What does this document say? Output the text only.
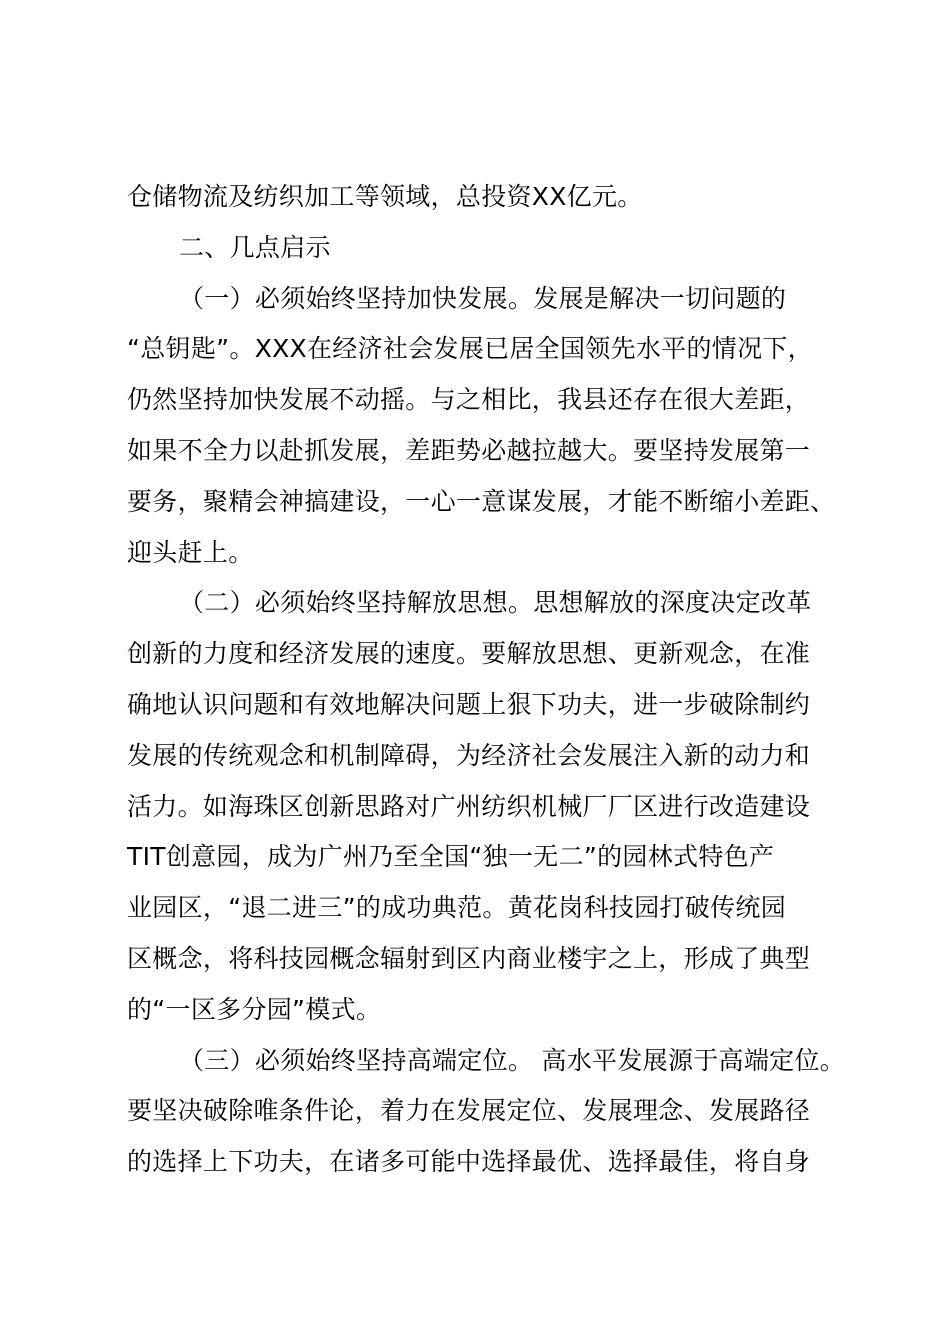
仓储物流及纺织加工等领域，总投资XX亿元。
二、几点启示
（一）必须始终坚持加快发展。发展是解决一切问题的
“总钥匙”。XXX在经济社会发展已居全国领先水平的情况下，
仍然坚持加快发展不动摇。与之相比，我县还存在很大差距，
如果不全力以赴抓发展，差距势必越拉越大。要坚持发展第一
要务，聚精会神搞建设，一心一意谋发展，才能不断缩小差距、
迎头赶上。
（二）必须始终坚持解放思想。思想解放的深度决定改革
创新的力度和经济发展的速度。要解放思想、更新观念，在准
确地认识问题和有效地解决问题上狠下功夫，进一步破除制约
发展的传统观念和机制障碍，为经济社会发展注入新的动力和
活力。如海珠区创新思路对广州纺织机械厂厂区进行改造建设
TIT创意园，成为广州乃至全国“独一无二”的园林式特色产
业园区，“退二进三”的成功典范。黄花岗科技园打破传统园
区概念，将科技园概念辐射到区内商业楼宇之上，形成了典型
的“一区多分园”模式。
（三）必须始终坚持高端定位。 高水平发展源于高端定位。
要坚决破除唯条件论，着力在发展定位、发展理念、发展路径
的选择上下功夫，在诸多可能中选择最优、选择最佳，将自身
